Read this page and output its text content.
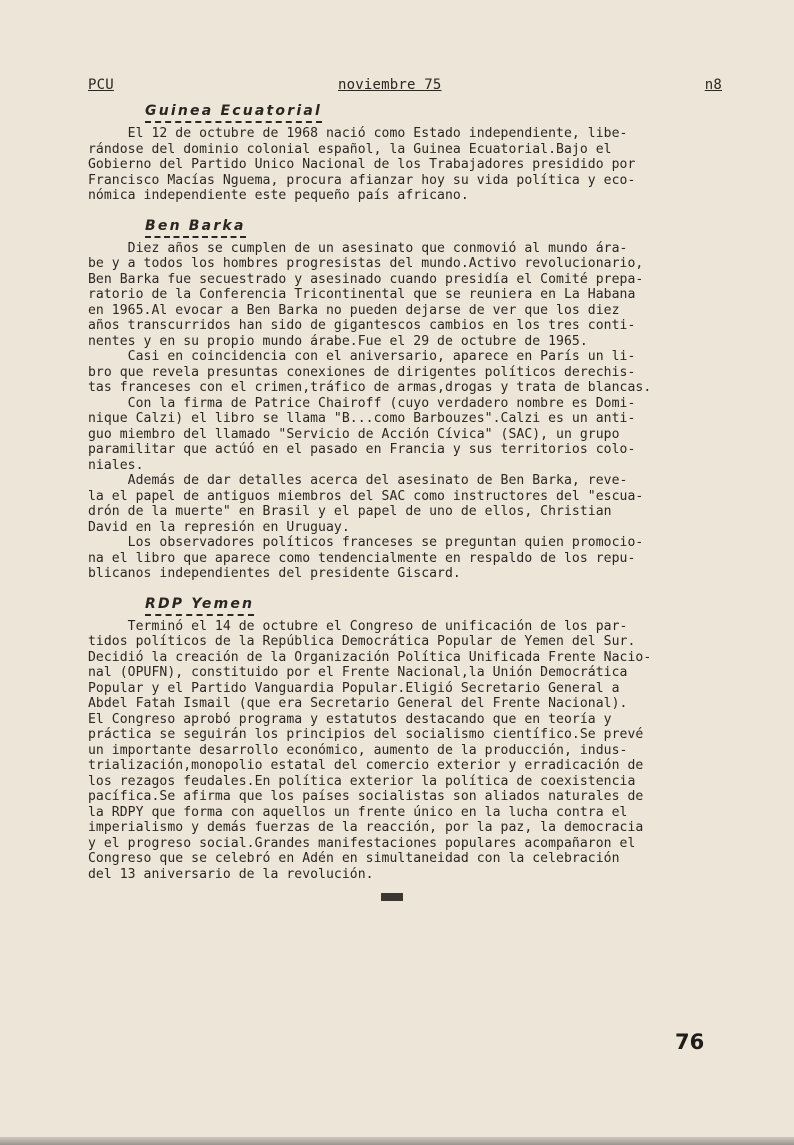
PCU	noviembre 75	n8
Guinea Ecuatorial

El 12 de octubre de 1968 nació como Estado independiente, libe-
rándose del dominio colonial español, la Guinea Ecuatorial.Bajo el
Gobierno del Partido Unico Nacional de los Trabajadores presidido por
Francisco Macías Nguema, procura afianzar hoy su vida política y eco-
nómica independiente este pequeño país africano.

Ben Barka

Diez años se cumplen de un asesinato que conmovió al mundo ára-
be y a todos los hombres progresistas del mundo.Activo revolucionario,
Ben Barka fue secuestrado y asesinado cuando presidía el Comité prepa-
ratorio de la Conferencia Tricontinental que se reuniera en La Habana
en 1965.Al evocar a Ben Barka no pueden dejarse de ver que los diez
años transcurridos han sido de gigantescos cambios en los tres conti-
nentes y en su propio mundo árabe.Fue el 29 de octubre de 1965.

Casi en coincidencia con el aniversario, aparece en París un li-
bro que revela presuntas conexiones de dirigentes políticos derechis-
tas franceses con el crimen,tráfico de armas,drogas y trata de blancas.

Con la firma de Patrice Chairoff (cuyo verdadero nombre es Domi-
nique Calzi) el libro se llama "B...como Barbouzes".Calzi es un anti-
guo miembro del llamado "Servicio de Acción Cívica" (SAC), un grupo
paramilitar que actúó en el pasado en Francia y sus territorios colo-
niales.

Además de dar detalles acerca del asesinato de Ben Barka, reve-
la el papel de antiguos miembros del SAC como instructores del "escua-
drón de la muerte" en Brasil y el papel de uno de ellos, Christian
David en la represión en Uruguay.

Los observadores políticos franceses se preguntan quien promocio-
na el libro que aparece como tendencialmente en respaldo de los repu-
blicanos independientes del presidente Giscard.

RDP Yemen

Terminó el 14 de octubre el Congreso de unificación de los par-
tidos políticos de la República Democrática Popular de Yemen del Sur.
Decidió la creación de la Organización Política Unificada Frente Nacio-
nal (OPUFN), constituido por el Frente Nacional,la Unión Democrática
Popular y el Partido Vanguardia Popular.Eligió Secretario General a
Abdel Fatah Ismail (que era Secretario General del Frente Nacional).
El Congreso aprobó programa y estatutos destacando que en teoría y
práctica se seguirán los principios del socialismo científico.Se prevé
un importante desarrollo económico, aumento de la producción, indus-
trialización,monopolio estatal del comercio exterior y erradicación de
los rezagos feudales.En política exterior la política de coexistencia
pacífica.Se afirma que los países socialistas son aliados naturales de
la RDPY que forma con aquellos un frente único en la lucha contra el
imperialismo y demás fuerzas de la reacción, por la paz, la democracia
y el progreso social.Grandes manifestaciones populares acompañaron el
Congreso que se celebró en Adén en simultaneidad con la celebración
del 13 aniversario de la revolución.

76
